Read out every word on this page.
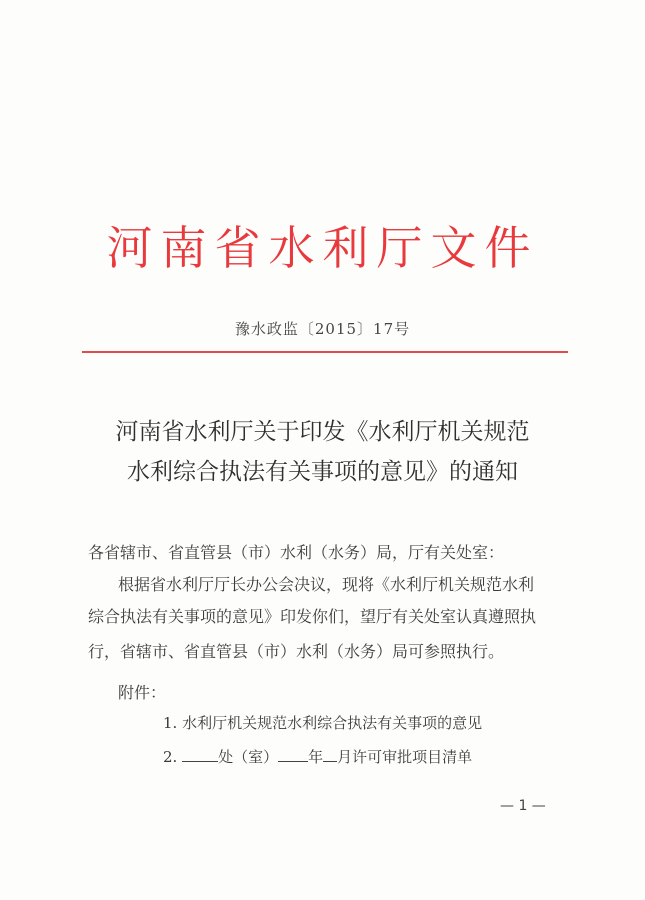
河南省水利厅文件
豫水政监〔2015〕17号
河南省水利厅关于印发《水利厅机关规范
水利综合执法有关事项的意见》的通知
各省辖市、省直管县（市）水利（水务）局，厅有关处室：
根据省水利厅厅长办公会决议，现将《水利厅机关规范水利
综合执法有关事项的意见》印发你们，望厅有关处室认真遵照执
行，省辖市、省直管县（市）水利（水务）局可参照执行。
附件：
1. 水利厅机关规范水利综合执法有关事项的意见
2.	处（室） 年 月许可审批项目清单
— 1 —
